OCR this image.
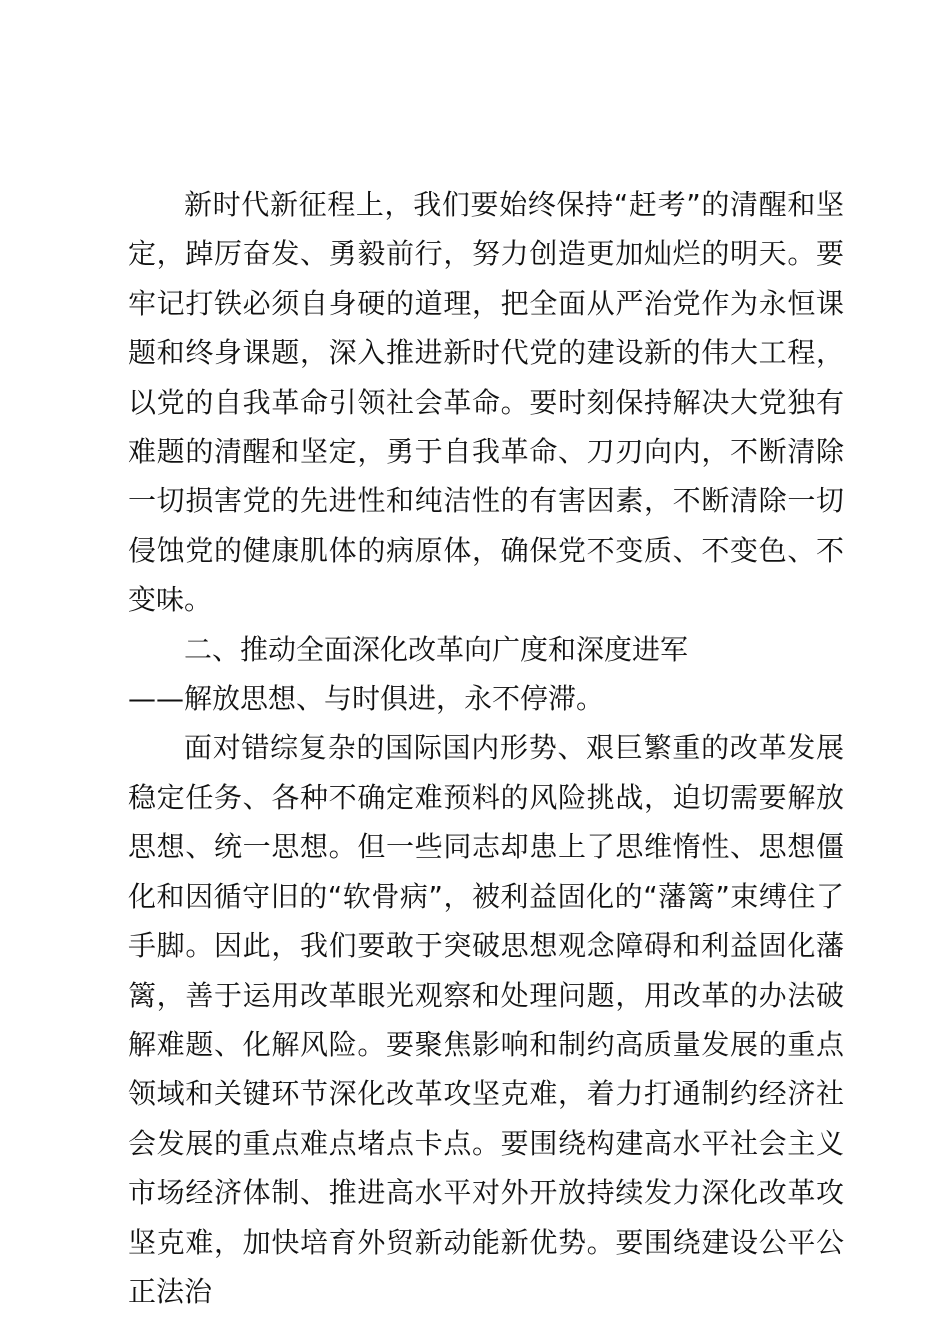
新时代新征程上，我们要始终保持“赶考”的清醒和坚定，踔厉奋发、勇毅前行，努力创造更加灿烂的明天。要牢记打铁必须自身硬的道理，把全面从严治党作为永恒课题和终身课题，深入推进新时代党的建设新的伟大工程，以党的自我革命引领社会革命。要时刻保持解决大党独有难题的清醒和坚定，勇于自我革命、刀刃向内，不断清除一切损害党的先进性和纯洁性的有害因素，不断清除一切侵蚀党的健康肌体的病原体，确保党不变质、不变色、不变味。

二、推动全面深化改革向广度和深度进军

——解放思想、与时俱进，永不停滞。

面对错综复杂的国际国内形势、艰巨繁重的改革发展稳定任务、各种不确定难预料的风险挑战，迫切需要解放思想、统一思想。但一些同志却患上了思维惰性、思想僵化和因循守旧的“软骨病”，被利益固化的“藩篱”束缚住了手脚。因此，我们要敢于突破思想观念障碍和利益固化藩篱，善于运用改革眼光观察和处理问题，用改革的办法破解难题、化解风险。要聚焦影响和制约高质量发展的重点领域和关键环节深化改革攻坚克难，着力打通制约经济社会发展的重点难点堵点卡点。要围绕构建高水平社会主义市场经济体制、推进高水平对外开放持续发力深化改革攻坚克难，加快培育外贸新动能新优势。要围绕建设公平公正法治
